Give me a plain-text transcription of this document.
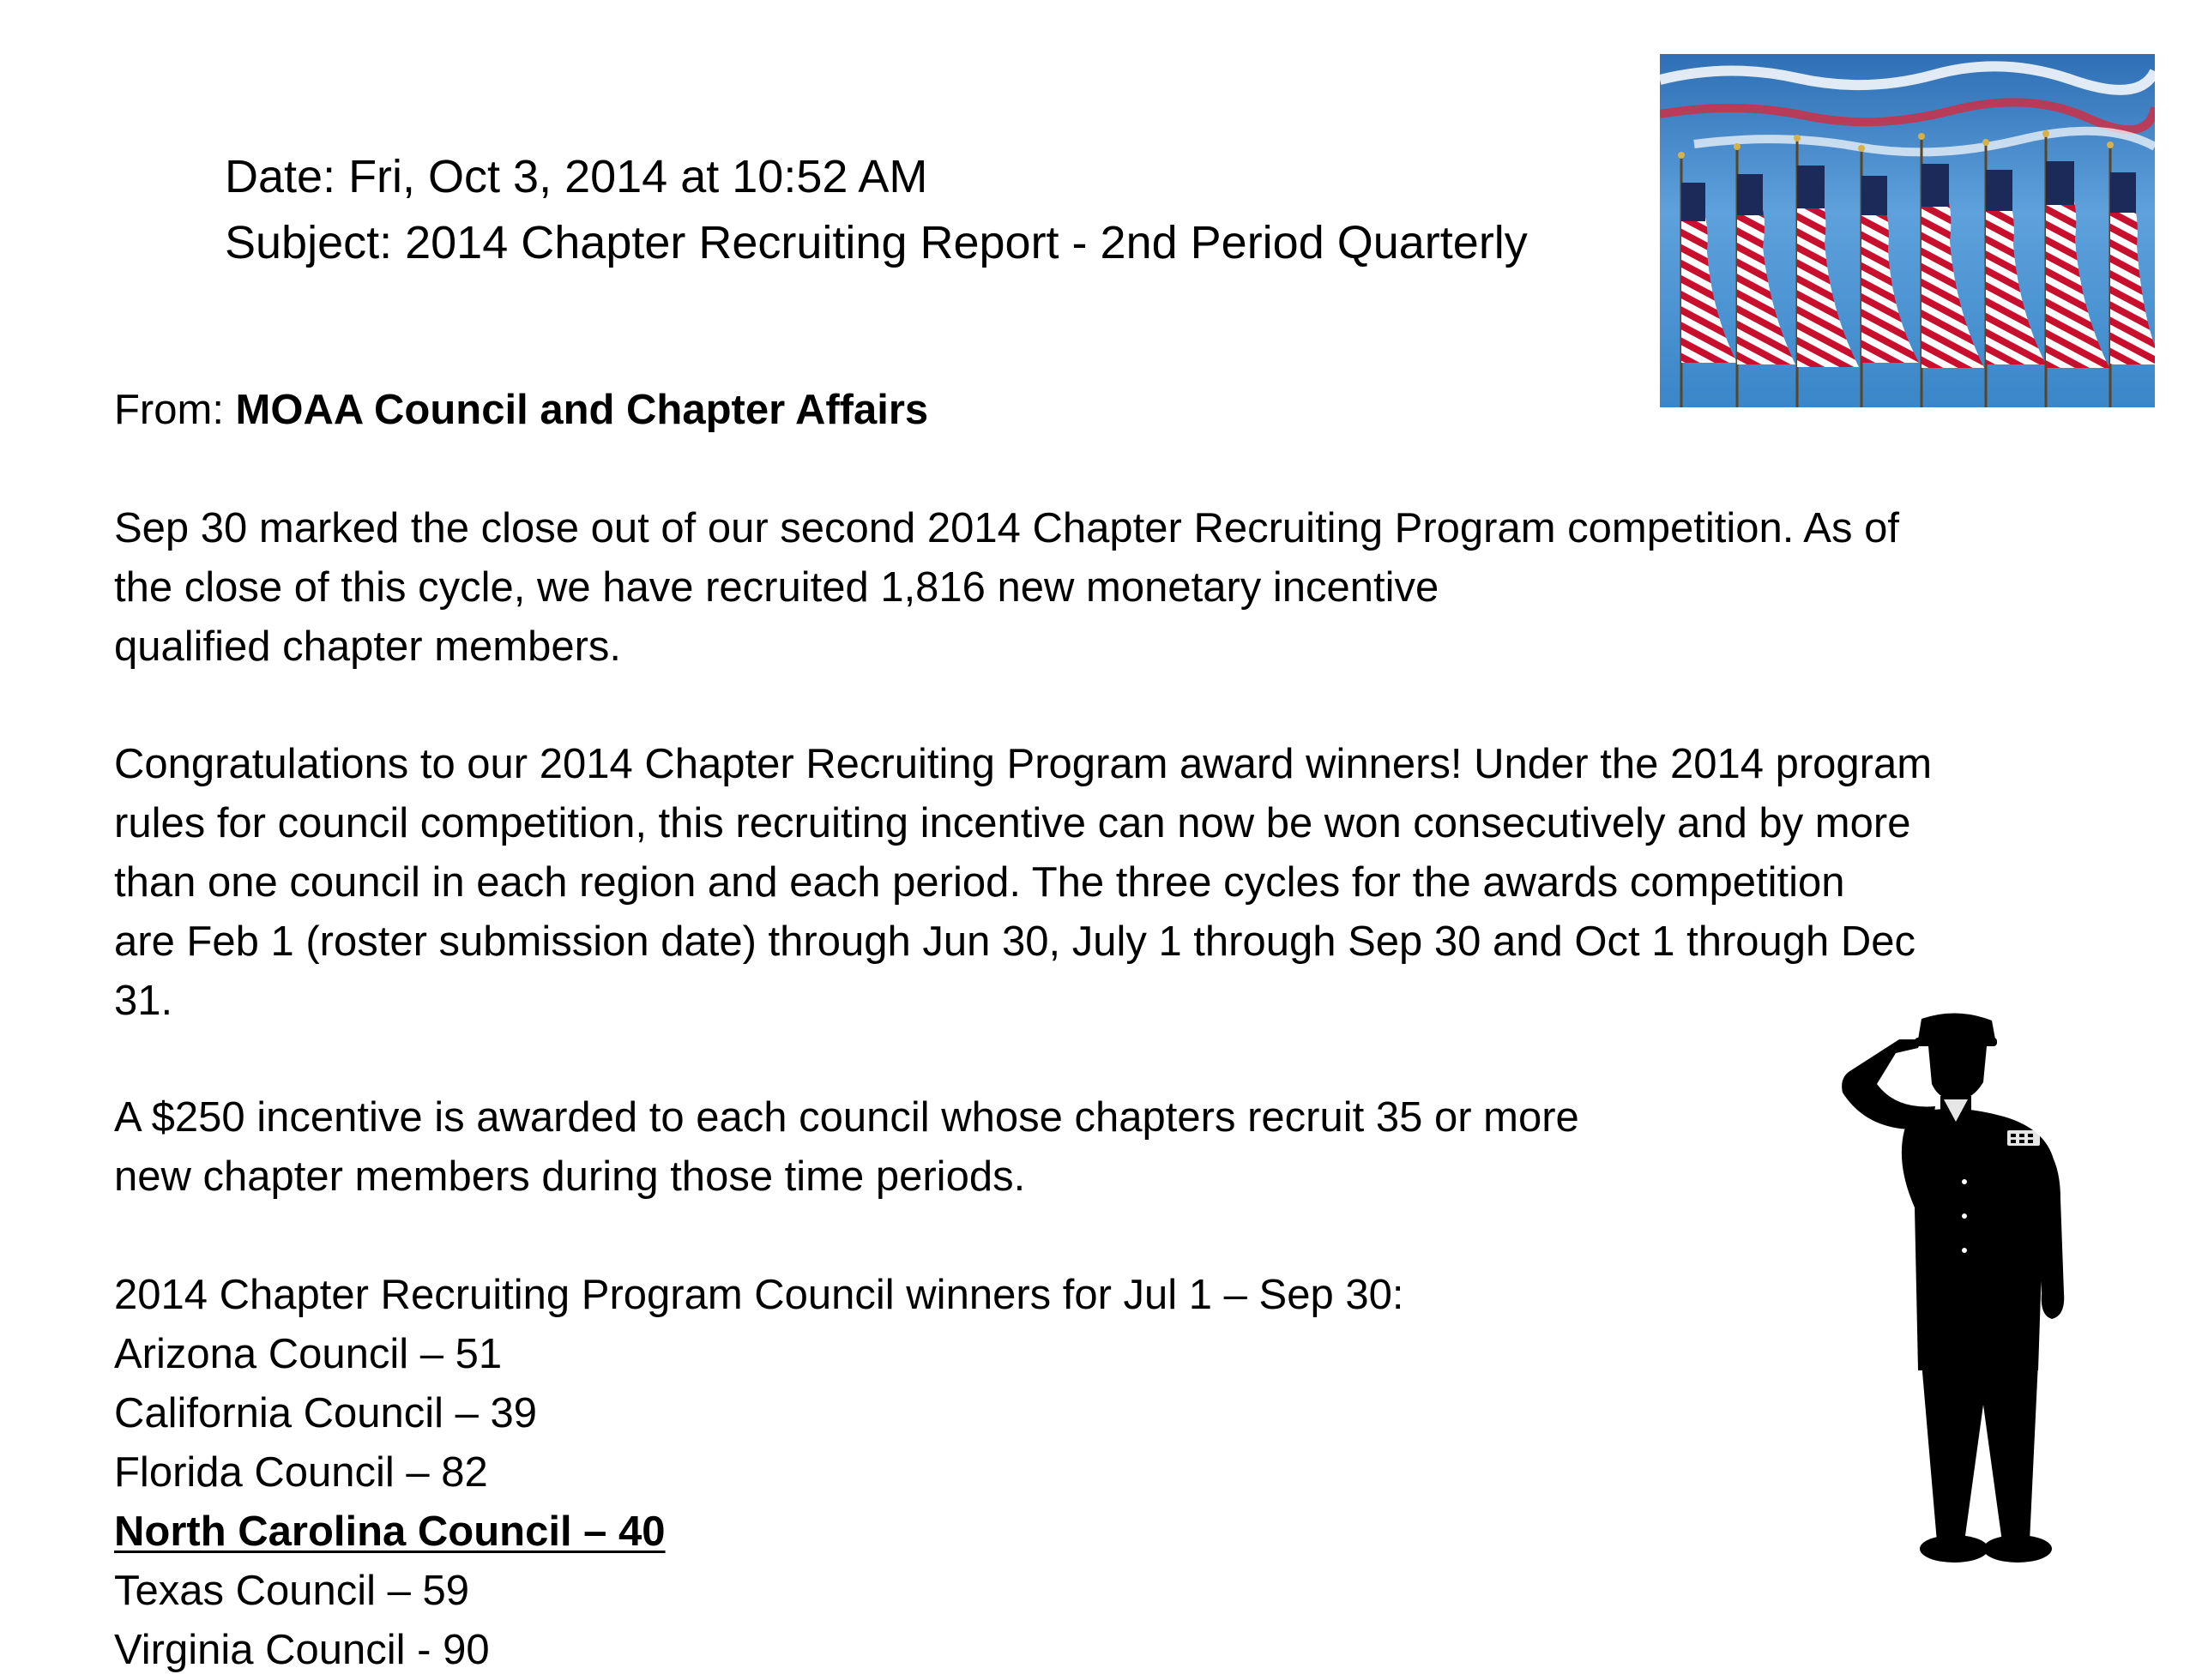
Date: Fri, Oct 3, 2014 at 10:52 AM
Subject: 2014 Chapter Recruiting Report - 2nd Period Quarterly
From: MOAA Council and Chapter Affairs
Sep 30 marked the close out of our second 2014 Chapter Recruiting Program competition. As of
the close of this cycle, we have recruited 1,816 new monetary incentive
qualified chapter members.
Congratulations to our 2014 Chapter Recruiting Program award winners! Under the 2014 program
rules for council competition, this recruiting incentive can now be won consecutively and by more
than one council in each region and each period. The three cycles for the awards competition
are Feb 1 (roster submission date) through Jun 30, July 1 through Sep 30 and Oct 1 through Dec
31.
A $250 incentive is awarded to each council whose chapters recruit 35 or more
new chapter members during those time periods.
2014 Chapter Recruiting Program Council winners for Jul 1 – Sep 30:
Arizona Council – 51
California Council – 39
Florida Council – 82
North Carolina Council – 40
Texas Council – 59
Virginia Council - 90
